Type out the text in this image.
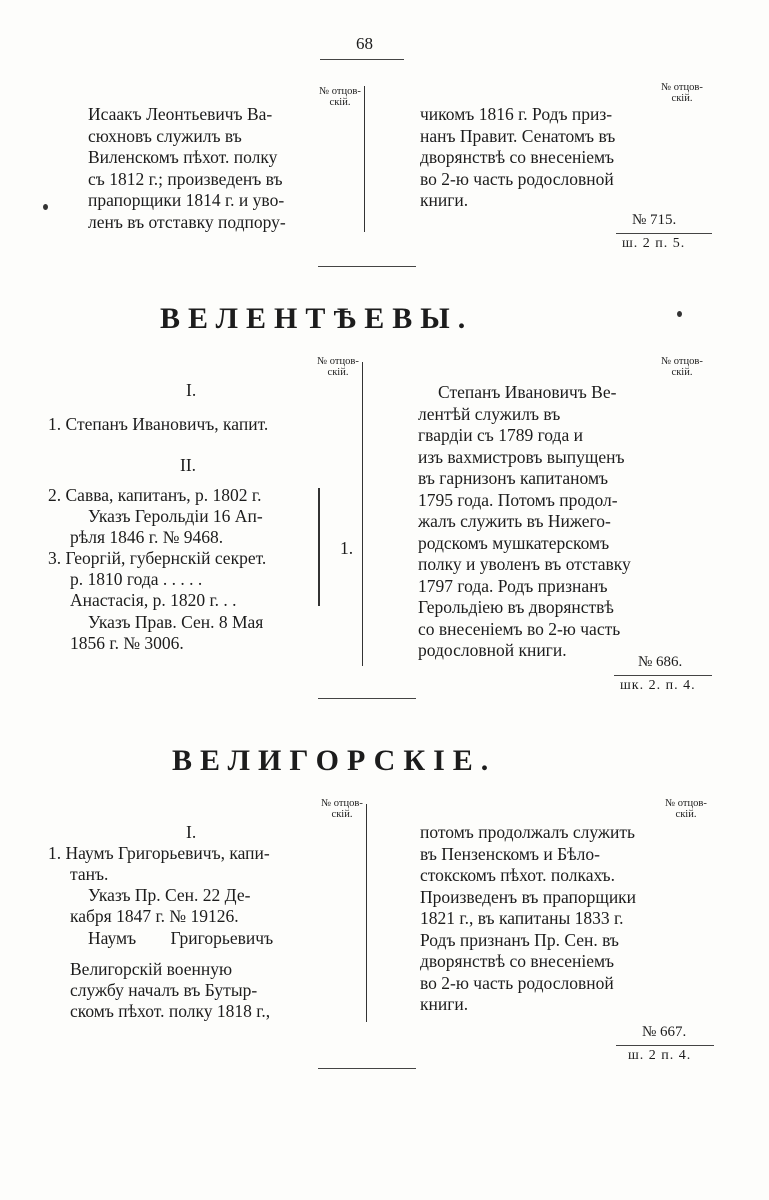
68
№ отцов-
скій.
№ отцов-
скій.
Исаакъ Леонтьевичъ Ва-
сюхновъ служилъ въ
Виленскомъ пѣхот. полку
съ 1812 г.; произведенъ въ
прапорщики 1814 г. и уво-
ленъ въ отставку подпору-
чикомъ 1816 г. Родъ приз-
нанъ Правит. Сенатомъ въ
дворянствѣ со внесеніемъ
во 2-ю часть родословной
книги.
№ 715.
ш. 2 п. 5.
ВЕЛЕНТѢЕВЫ.
№ отцов-
скій.
№ отцов-
скій.
I.
1. Степанъ Ивановичъ, капит.
II.
2. Савва, капитанъ, р. 1802 г.
Указъ Герольдіи 16 Ап-
рѣля 1846 г. № 9468.
3. Георгій, губернскій секрет.
р. 1810 года . . . . .
Анастасія, р. 1820 г. . .
Указъ Прав. Сен. 8 Мая
1856 г. № 3006.
1.
Степанъ Ивановичъ Ве-
лентѣй служилъ въ
гвардіи съ 1789 года и
изъ вахмистровъ выпущенъ
въ гарнизонъ капитаномъ
1795 года. Потомъ продол-
жалъ служить въ Нижего-
родскомъ мушкатерскомъ
полку и уволенъ въ отставку
1797 года. Родъ признанъ
Герольдіею въ дворянствѣ
со внесеніемъ во 2-ю часть
родословной книги.
№ 686.
шк. 2. п. 4.
ВЕЛИГОРСКІЕ.
№ отцов-
скій.
№ отцов-
скій.
I.
1. Наумъ Григорьевичъ, капи-
танъ.
Указъ Пр. Сен. 22 Де-
кабря 1847 г. № 19126.
Наумъ Григорьевичъ
Велигорскій военную
службу началъ въ Бутыр-
скомъ пѣхот. полку 1818 г.,
потомъ продолжалъ служить
въ Пензенскомъ и Бѣло-
стокскомъ пѣхот. полкахъ.
Произведенъ въ прапорщики
1821 г., въ капитаны 1833 г.
Родъ признанъ Пр. Сен. въ
дворянствѣ со внесеніемъ
во 2-ю часть родословной
книги.
№ 667.
ш. 2 п. 4.
